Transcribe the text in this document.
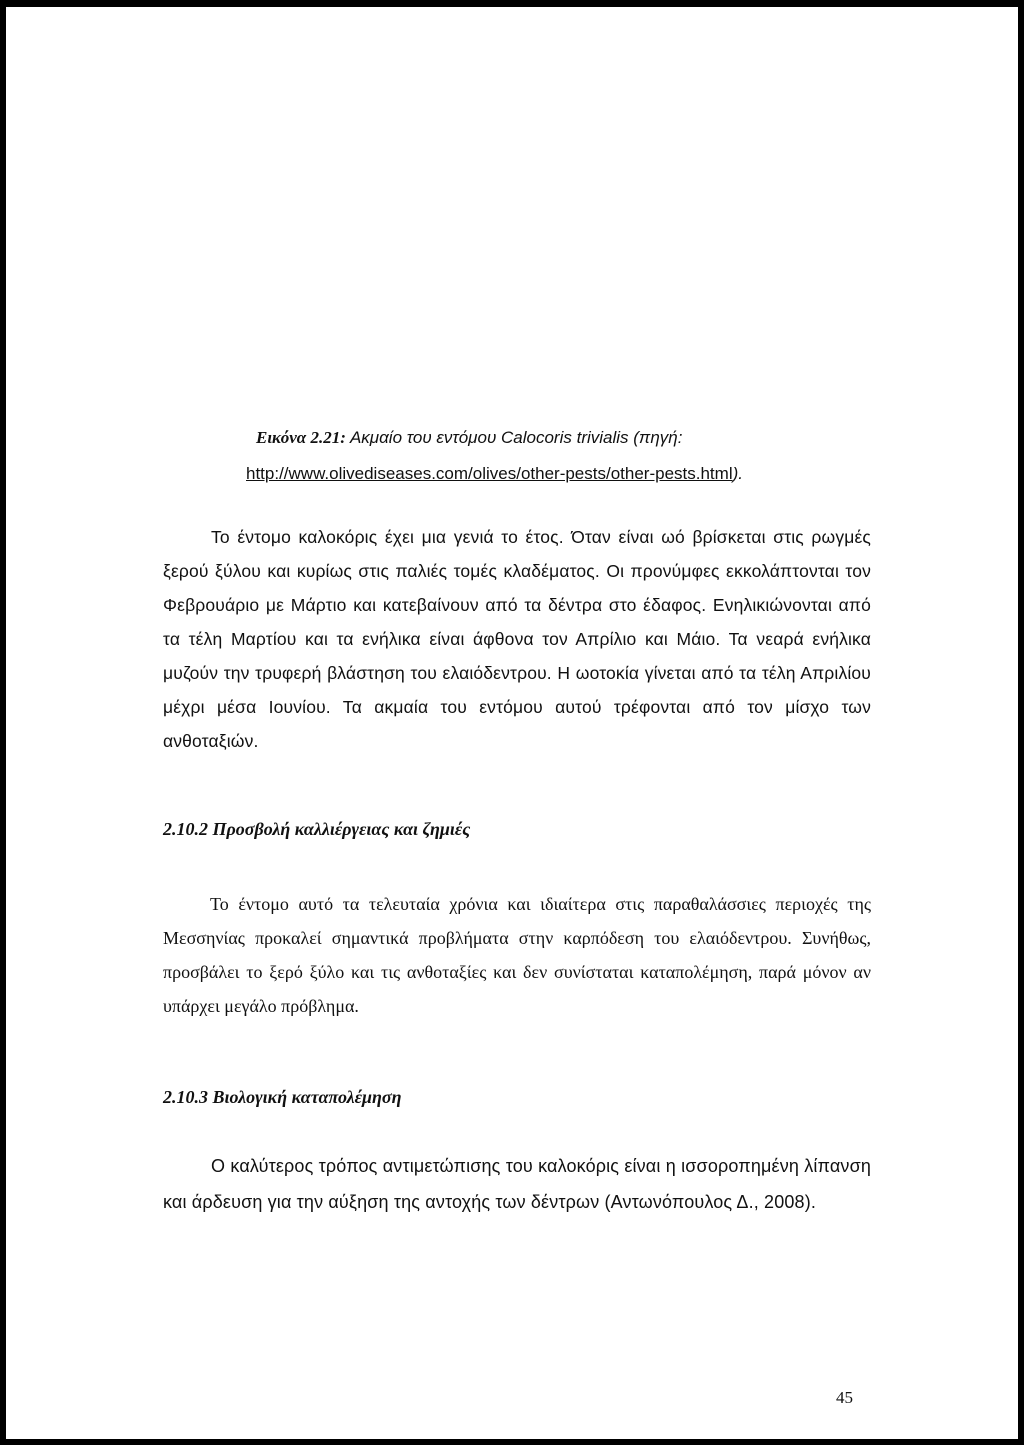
Εικόνα 2.21: Ακμαίο του εντόμου Calocoris trivialis (πηγή:
http://www.olivediseases.com/olives/other-pests/other-pests.html).

Το έντομο καλοκόρις έχει μια γενιά το έτος. Όταν είναι ωό βρίσκεται στις ρωγμές ξερού ξύλου και κυρίως στις παλιές τομές κλαδέματος. Οι προνύμφες εκκολάπτονται τον Φεβρουάριο με Μάρτιο και κατεβαίνουν από τα δέντρα στο έδαφος. Ενηλικιώνονται από τα τέλη Μαρτίου και τα ενήλικα είναι άφθονα τον Απρίλιο και Μάιο. Τα νεαρά ενήλικα μυζούν την τρυφερή βλάστηση του ελαιόδεντρου. Η ωοτοκία γίνεται από τα τέλη Απριλίου μέχρι μέσα Ιουνίου. Τα ακμαία του εντόμου αυτού τρέφονται από τον μίσχο των ανθοταξιών.

2.10.2 Προσβολή καλλιέργειας και ζημιές

Το έντομο αυτό τα τελευταία χρόνια και ιδιαίτερα στις παραθαλάσσιες περιοχές της Μεσσηνίας προκαλεί σημαντικά προβλήματα στην καρπόδεση του ελαιόδεντρου. Συνήθως, προσβάλει το ξερό ξύλο και τις ανθοταξίες και δεν συνίσταται καταπολέμηση, παρά μόνον αν υπάρχει μεγάλο πρόβλημα.

2.10.3 Βιολογική καταπολέμηση

Ο καλύτερος τρόπος αντιμετώπισης του καλοκόρις είναι η ισσοροπημένη λίπανση και άρδευση για την αύξηση της αντοχής των δέντρων (Αντωνόπουλος Δ., 2008).

45
